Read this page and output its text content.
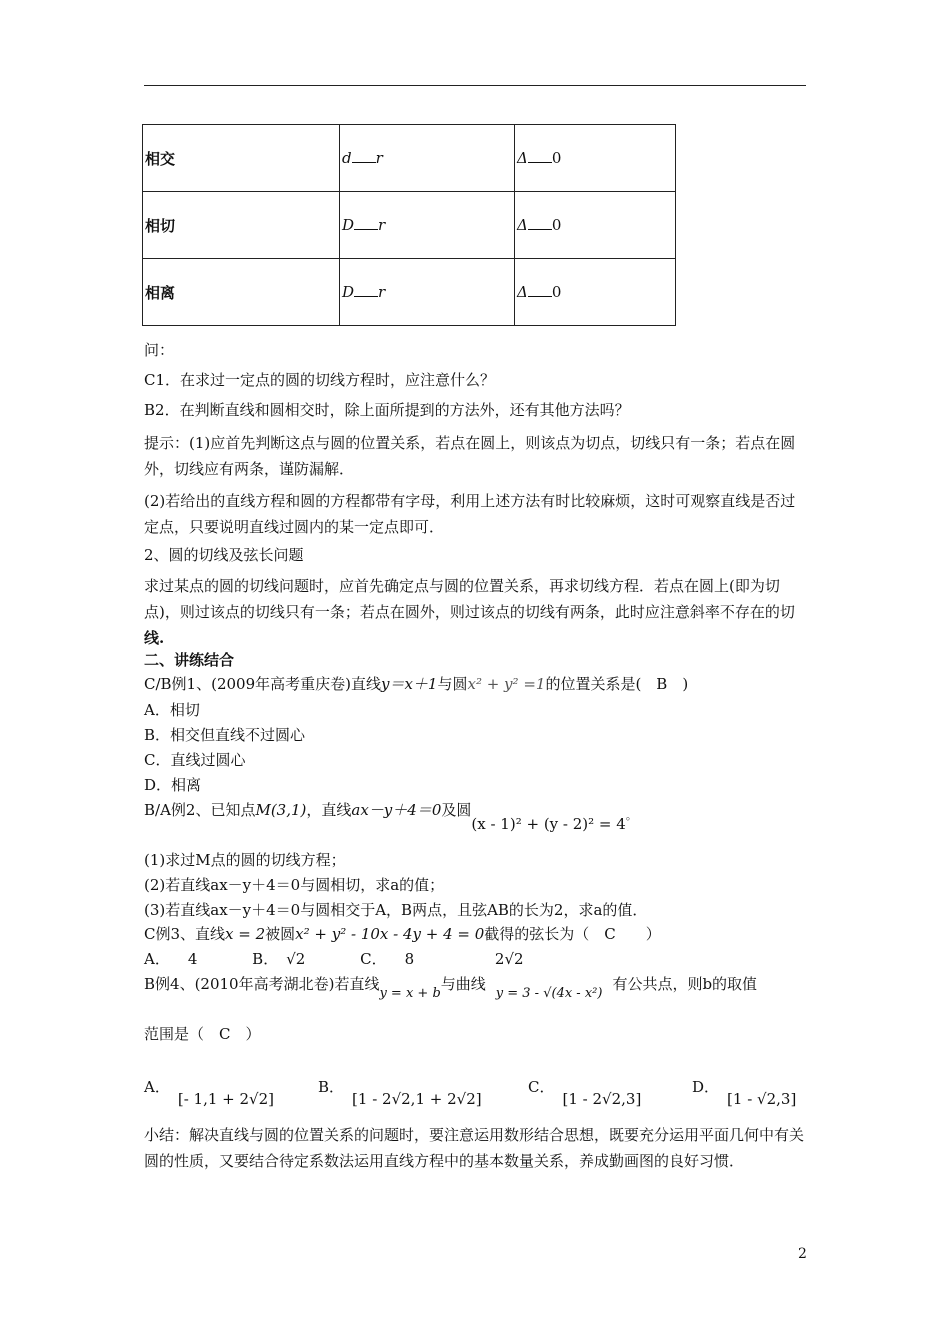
相交	d r	Δ 0
相切	D r	Δ 0
相离	D r	Δ 0
问：
C1．在求过一定点的圆的切线方程时，应注意什么？
B2．在判断直线和圆相交时，除上面所提到的方法外，还有其他方法吗？
提示：(1)应首先判断这点与圆的位置关系，若点在圆上，则该点为切点，切线只有一条；若点在圆外，切线应有两条，谨防漏解．
(2)若给出的直线方程和圆的方程都带有字母，利用上述方法有时比较麻烦，这时可观察直线是否过定点，只要说明直线过圆内的某一定点即可．
2、圆的切线及弦长问题
求过某点的圆的切线问题时，应首先确定点与圆的位置关系，再求切线方程．若点在圆上(即为切点)，则过该点的切线只有一条；若点在圆外，则过该点的切线有两条，此时应注意斜率不存在的切线.
二、讲练结合
C/B例1、(2009年高考重庆卷)直线y＝x＋1与圆x² + y² =1的位置关系是(　B　)
A．相切
B．相交但直线不过圆心
C．直线过圆心
D．相离
B/A例2、已知点M(3,1)，直线ax－y＋4＝0及圆$(x - 1)^2 + (y - 2)^2 = 4_。$
(1)求过M点的圆的切线方程；
(2)若直线ax－y＋4＝0与圆相切，求a的值；
(3)若直线ax－y＋4＝0与圆相交于A，B两点，且弦AB的长为2，求a的值．
C例3、直线x = 2被圆x² + y² - 10x - 4y + 4 = 0截得的弦长为（　C　　）
A． 4	B． √2	C． 8	2√2
B例4、(2010年高考湖北卷)若直线y = x + b与曲线y = 3 - √(4x - x²)有公共点，则b的取值
范围是（　C　）
A．[- 1,1 + 2√2]
B．[1 - 2√2,1 + 2√2]
C．[1 - 2√2,3]
D．[1 - √2,3]
小结：解决直线与圆的位置关系的问题时，要注意运用数形结合思想，既要充分运用平面几何中有关圆的性质，又要结合待定系数法运用直线方程中的基本数量关系，养成勤画图的良好习惯．
2
